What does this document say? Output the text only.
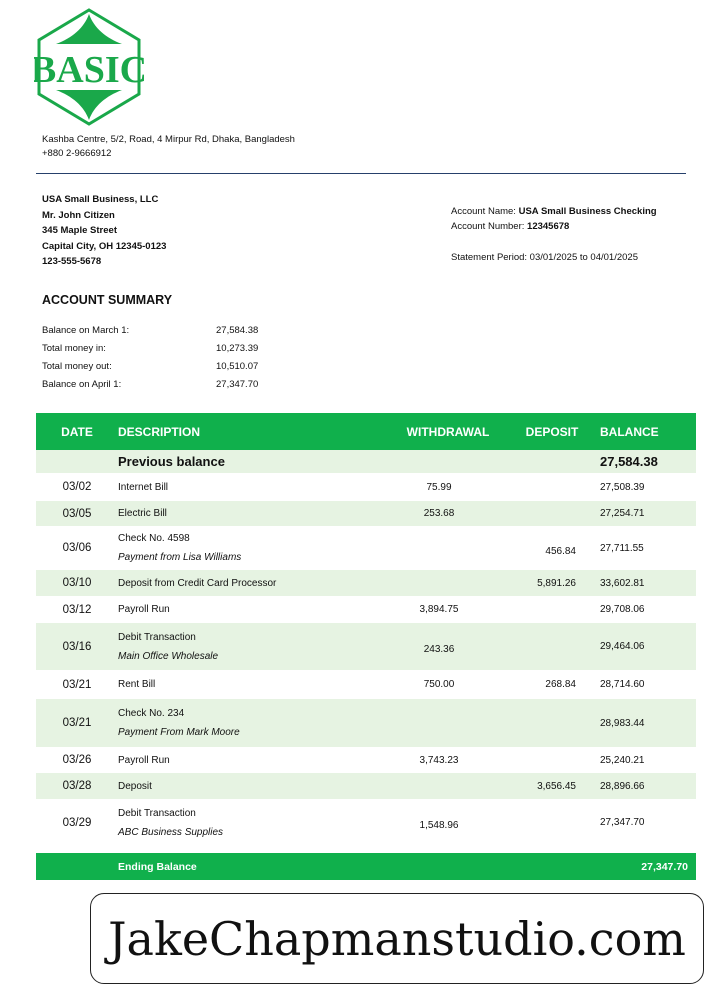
BASIC
Kashba Centre, 5/2, Road, 4 Mirpur Rd, Dhaka, Bangladesh
+880 2-9666912
USA Small Business, LLC
Mr. John Citizen
345 Maple Street
Capital City, OH 12345-0123
123-555-5678
Account Name: USA Small Business Checking
Account Number: 12345678
Statement Period: 03/01/2025 to 04/01/2025
ACCOUNT SUMMARY
Balance on March 1:	27,584.38
Total money in:	10,273.39
Total money out:	10,510.07
Balance on April 1:	27,347.70
DATE	DESCRIPTION	WITHDRAWAL	DEPOSIT	BALANCE
	Previous balance			27,584.38
03/02	Internet Bill	75.99		27,508.39
03/05	Electric Bill	253.68		27,254.71
03/06	Check No. 4598
Payment from Lisa Williams		456.84	27,711.55
03/10	Deposit from Credit Card Processor		5,891.26	33,602.81
03/12	Payroll Run	3,894.75		29,708.06
03/16	Debit Transaction
Main Office Wholesale	243.36		29,464.06
03/21	Rent Bill	750.00	268.84	28,714.60
03/21	Check No. 234
Payment From Mark Moore			28,983.44
03/26	Payroll Run	3,743.23		25,240.21
03/28	Deposit		3,656.45	28,896.66
03/29	Debit Transaction
ABC Business Supplies	1,548.96		27,347.70

	Ending Balance			27,347.70
JakeChapmanstudio.com
